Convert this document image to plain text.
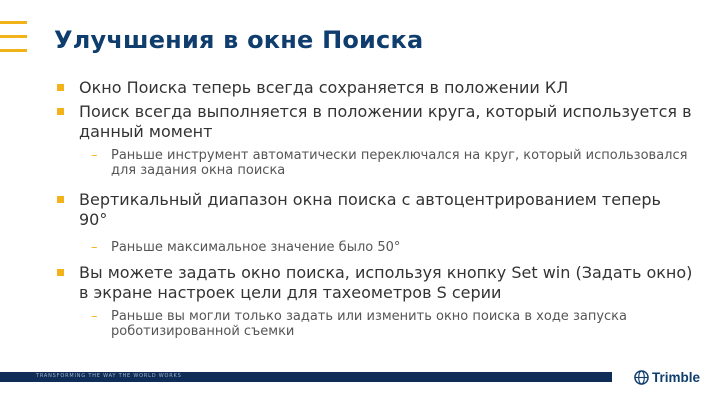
Улучшения в окне Поиска
Окно Поиска теперь всегда сохраняется в положении КЛ
Поиск всегда выполняется в положении круга, который используется в данный момент
– Раньше инструмент автоматически переключался на круг, который использовался для задания окна поиска
Вертикальный диапазон окна поиска с автоцентрированием теперь 90°
– Раньше максимальное значение было 50°
Вы можете задать окно поиска, используя кнопку Set win (Задать окно) в экране настроек цели для тахеометров S серии
– Раньше вы могли только задать или изменить окно поиска в ходе запуска роботизированной съемки
TRANSFORMING THE WAY THE WORLD WORKS	Trimble
